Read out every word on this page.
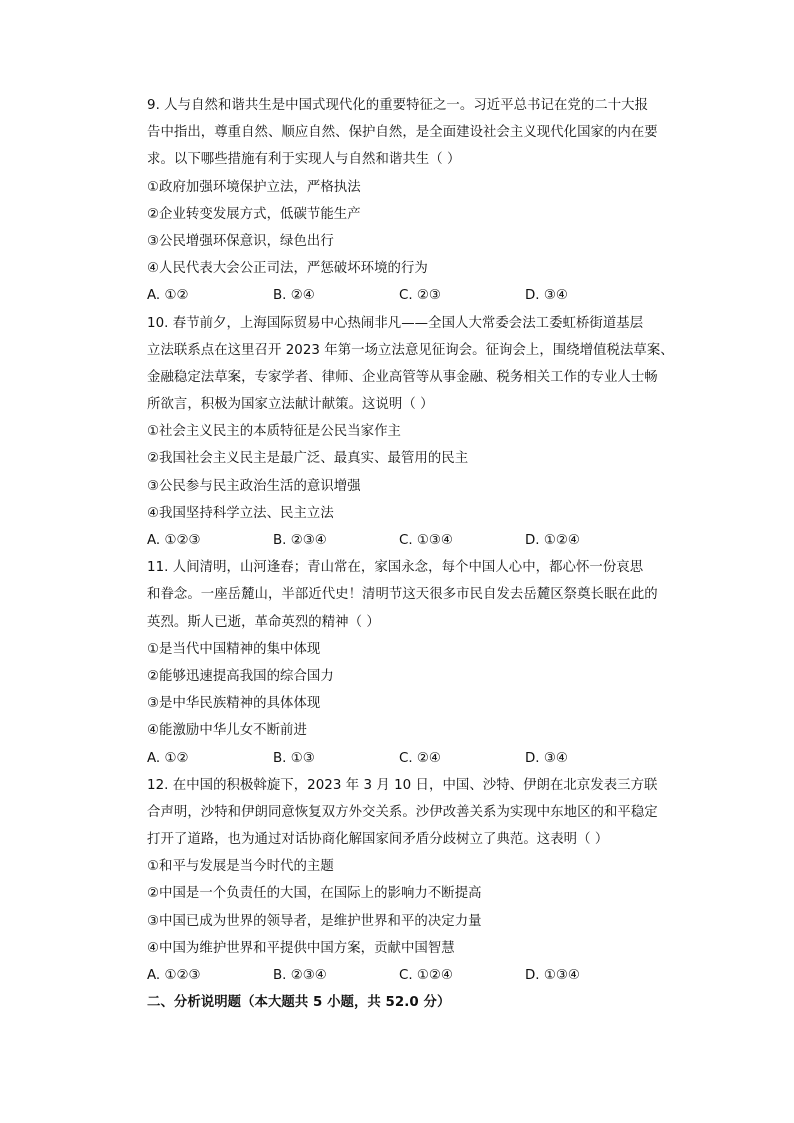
9. 人与自然和谐共生是中国式现代化的重要特征之一。习近平总书记在党的二十大报
告中指出，尊重自然、顺应自然、保护自然，是全面建设社会主义现代化国家的内在要
求。以下哪些措施有利于实现人与自然和谐共生（ ）
①政府加强环境保护立法，严格执法
②企业转变发展方式，低碳节能生产
③公民增强环保意识，绿色出行
④人民代表大会公正司法，严惩破坏环境的行为
A. ①②	B. ②④	C. ②③	D. ③④
10. 春节前夕，上海国际贸易中心热闹非凡——全国人大常委会法工委虹桥街道基层
立法联系点在这里召开 2023 年第一场立法意见征询会。征询会上，围绕增值税法草案、
金融稳定法草案，专家学者、律师、企业高管等从事金融、税务相关工作的专业人士畅
所欲言，积极为国家立法献计献策。这说明（ ）
①社会主义民主的本质特征是公民当家作主
②我国社会主义民主是最广泛、最真实、最管用的民主
③公民参与民主政治生活的意识增强
④我国坚持科学立法、民主立法
A. ①②③	B. ②③④	C. ①③④	D. ①②④
11. 人间清明，山河逢春；青山常在，家国永念，每个中国人心中，都心怀一份哀思
和眷念。一座岳麓山，半部近代史！清明节这天很多市民自发去岳麓区祭奠长眠在此的
英烈。斯人已逝，革命英烈的精神（ ）
①是当代中国精神的集中体现
②能够迅速提高我国的综合国力
③是中华民族精神的具体体现
④能激励中华儿女不断前进
A. ①②	B. ①③	C. ②④	D. ③④
12. 在中国的积极斡旋下，2023 年 3 月 10 日，中国、沙特、伊朗在北京发表三方联
合声明，沙特和伊朗同意恢复双方外交关系。沙伊改善关系为实现中东地区的和平稳定
打开了道路，也为通过对话协商化解国家间矛盾分歧树立了典范。这表明（ ）
①和平与发展是当今时代的主题
②中国是一个负责任的大国，在国际上的影响力不断提高
③中国已成为世界的领导者，是维护世界和平的决定力量
④中国为维护世界和平提供中国方案，贡献中国智慧
A. ①②③	B. ②③④	C. ①②④	D. ①③④
二、分析说明题（本大题共 5 小题，共 52.0 分）
